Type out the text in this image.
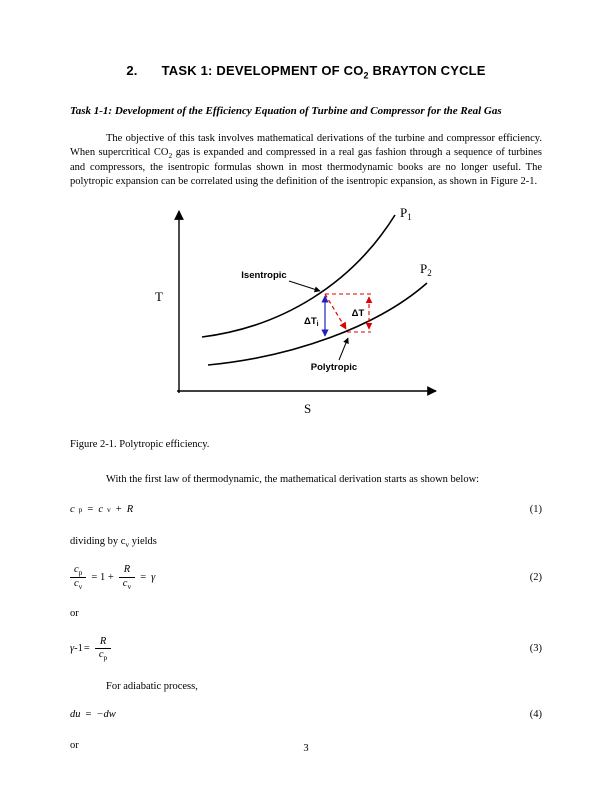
2. TASK 1: DEVELOPMENT OF $CO_2$ BRAYTON CYCLE
Task 1-1: Development of the Efficiency Equation of Turbine and Compressor for the Real Gas

The objective of this task involves mathematical derivations of the turbine and compressor efficiency. When supercritical $CO_2$ gas is expanded and compressed in a real gas fashion through a sequence of turbines and compressors, the isentropic formulas shown in most thermodynamic books are no longer useful. The polytropic expansion can be correlated using the definition of the isentropic expansion, as shown in Figure 2-1.

T
S
$P_1$
$P_2$
Isentropic
Polytropic
ΔT
$\Delta T_i$

Figure 2-1. Polytropic efficiency.

With the first law of thermodynamic, the mathematical derivation starts as shown below:

c p = c v + R	(1)

dividing by $c_v$ yields

$\frac{c_p}{c_v} = 1 + \frac{R}{c_v} = \gamma$	(2)

or

$\gamma-1= \frac{R}{c_p}$	(3)

For adiabatic process,

du = −dw	(4)

or	3
